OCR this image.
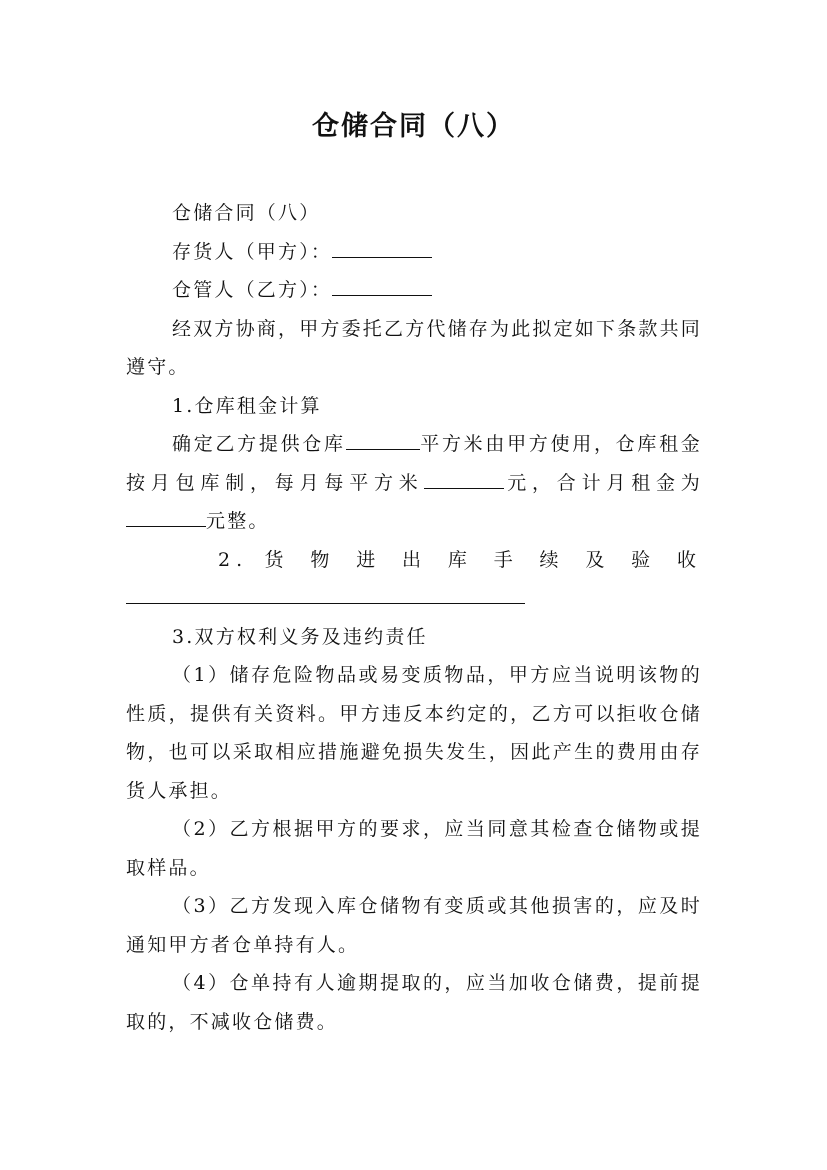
仓储合同（八）

仓储合同（八）

存货人（甲方）：

仓管人（乙方）：

经双方协商，甲方委托乙方代储存为此拟定如下条款共同遵守。

1.仓库租金计算

确定乙方提供仓库	平方米由甲方使用，仓库租金按月包库制，每月每平方米	元，合计月租金为元整。

2. 货 物 进 出 库 手 续 及 验 收

3.双方权利义务及违约责任

（1）储存危险物品或易变质物品，甲方应当说明该物的性质，提供有关资料。甲方违反本约定的，乙方可以拒收仓储物，也可以采取相应措施避免损失发生，因此产生的费用由存货人承担。

（2）乙方根据甲方的要求，应当同意其检查仓储物或提取样品。

（3）乙方发现入库仓储物有变质或其他损害的，应及时通知甲方者仓单持有人。

（4）仓单持有人逾期提取的，应当加收仓储费，提前提取的，不减收仓储费。
